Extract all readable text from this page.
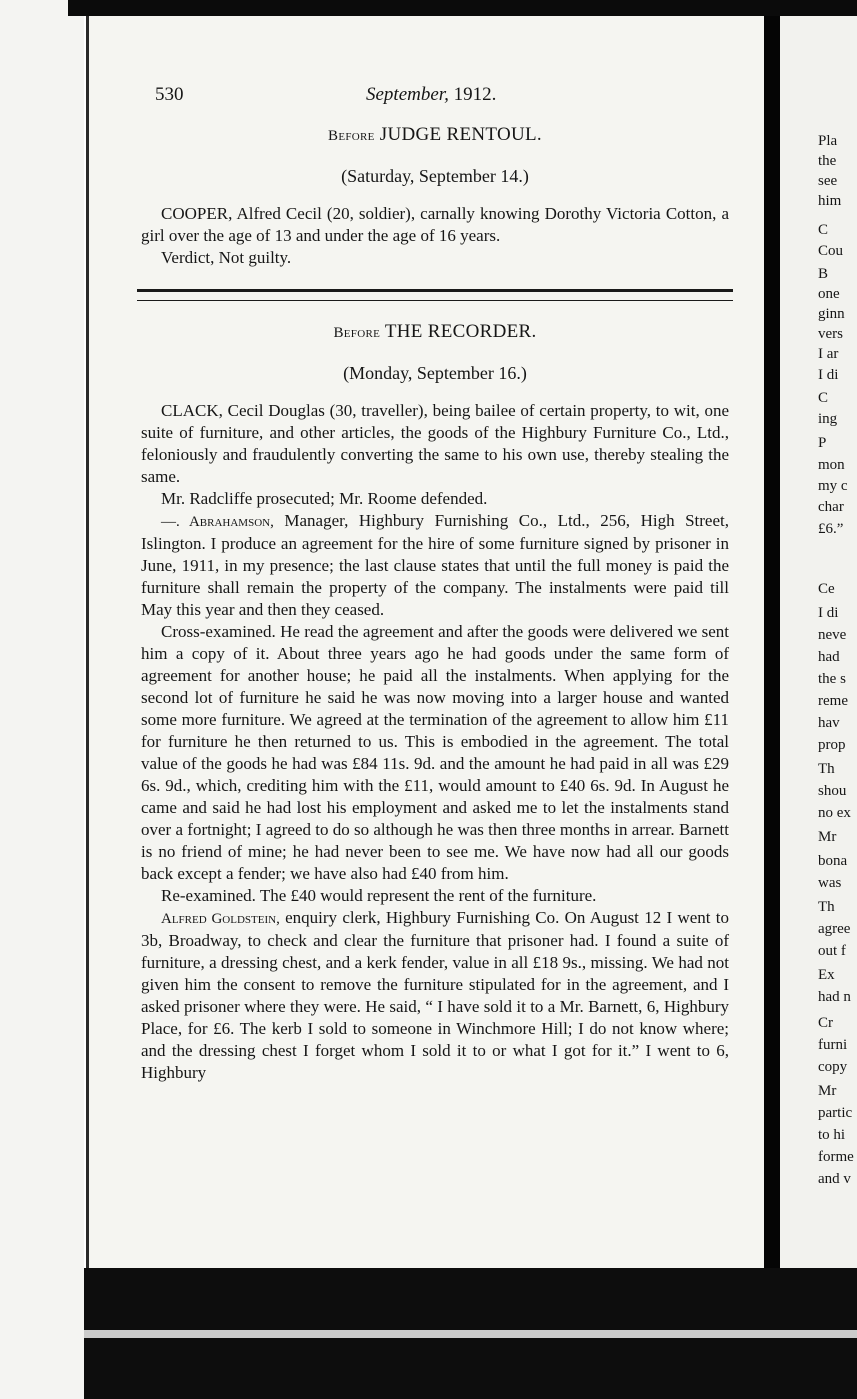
Pla
the
see
him
C
Cou
B
one
ginn
vers
I ar
I di
C
ing
P
mon
my c
char
£6.”
Ce
I di
neve
had
the s
reme
hav
prop
Th
shou
no ex
Mr
bona
was
Th
agree
out f
Ex
had n
Cr
furni
copy
Mr
partic
to hi
forme
and v
530	September, 1912.
Before JUDGE RENTOUL.
(Saturday, September 14.)

COOPER, Alfred Cecil (20, soldier), carnally knowing Dorothy Victoria Cotton, a girl over the age of 13 and under the age of 16 years.

Verdict, Not guilty.

Before THE RECORDER.
(Monday, September 16.)

CLACK, Cecil Douglas (30, traveller), being bailee of certain property, to wit, one suite of furniture, and other articles, the goods of the Highbury Furniture Co., Ltd., feloniously and fraudulently converting the same to his own use, thereby stealing the same.

Mr. Radcliffe prosecuted; Mr. Roome defended.

—. Abrahamson, Manager, Highbury Furnishing Co., Ltd., 256, High Street, Islington. I produce an agreement for the hire of some furniture signed by prisoner in June, 1911, in my presence; the last clause states that until the full money is paid the furniture shall remain the property of the company. The instalments were paid till May this year and then they ceased.

Cross-examined. He read the agreement and after the goods were delivered we sent him a copy of it. About three years ago he had goods under the same form of agreement for another house; he paid all the instalments. When applying for the second lot of furniture he said he was now moving into a larger house and wanted some more furniture. We agreed at the termination of the agreement to allow him £11 for furniture he then returned to us. This is embodied in the agreement. The total value of the goods he had was £84 11s. 9d. and the amount he had paid in all was £29 6s. 9d., which, crediting him with the £11, would amount to £40 6s. 9d. In August he came and said he had lost his employment and asked me to let the instalments stand over a fortnight; I agreed to do so although he was then three months in arrear. Barnett is no friend of mine; he had never been to see me. We have now had all our goods back except a fender; we have also had £40 from him.

Re-examined. The £40 would represent the rent of the furniture.

Alfred Goldstein, enquiry clerk, Highbury Furnishing Co. On August 12 I went to 3b, Broadway, to check and clear the furniture that prisoner had. I found a suite of furniture, a dressing chest, and a kerk fender, value in all £18 9s., missing. We had not given him the consent to remove the furniture stipulated for in the agreement, and I asked prisoner where they were. He said, “ I have sold it to a Mr. Barnett, 6, Highbury Place, for £6. The kerb I sold to someone in Winchmore Hill; I do not know where; and the dressing chest I forget whom I sold it to or what I got for it.” I went to 6, Highbury
